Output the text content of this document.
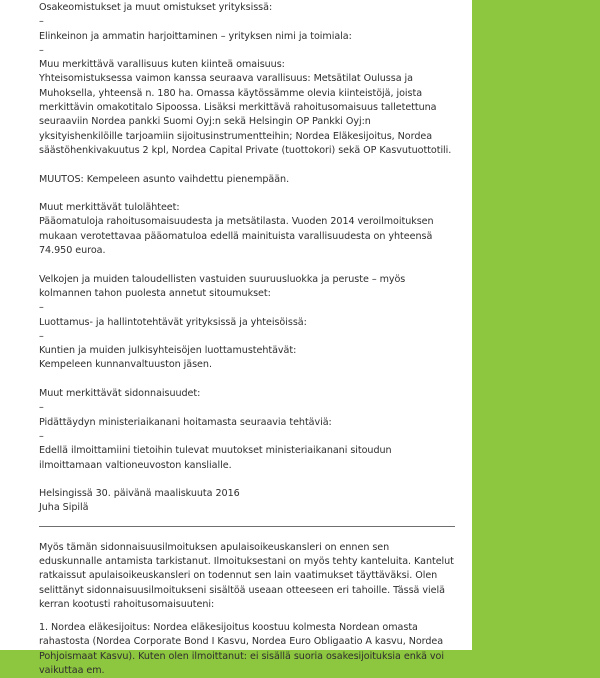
Osakeomistukset ja muut omistukset yrityksissä:

–

Elinkeinon ja ammatin harjoittaminen – yrityksen nimi ja toimiala:

–

Muu merkittävä varallisuus kuten kiinteä omaisuus:

Yhteisomistuksessa vaimon kanssa seuraava varallisuus: Metsätilat Oulussa ja Muhoksella, yhteensä n. 180 ha. Omassa käytössämme olevia kiinteistöjä, joista merkittävin omakotitalo Sipoossa. Lisäksi merkittävä rahoitusomaisuus talletettuna seuraaviin Nordea pankki Suomi Oyj:n sekä Helsingin OP Pankki Oyj:n yksityishenkilöille tarjoamiin sijoitusinstrumentteihin; Nordea Eläkesijoitus, Nordea säästöhenkivakuutus 2 kpl, Nordea Capital Private (tuottokori) sekä OP Kasvutuottotili.

MUUTOS: Kempeleen asunto vaihdettu pienempään.

Muut merkittävät tulolähteet:

Pääomatuloja rahoitusomaisuudesta ja metsätilasta. Vuoden 2014 veroilmoituksen mukaan verotettavaa pääomatuloa edellä mainituista varallisuudesta on yhteensä 74.950 euroa.

Velkojen ja muiden taloudellisten vastuiden suuruusluokka ja peruste – myös kolmannen tahon puolesta annetut sitoumukset:

–

Luottamus- ja hallintotehtävät yrityksissä ja yhteisöissä:

–

Kuntien ja muiden julkisyhteisöjen luottamustehtävät:

Kempeleen kunnanvaltuuston jäsen.

Muut merkittävät sidonnaisuudet:

–

Pidättäydyn ministeriaikanani hoitamasta seuraavia tehtäviä:

–

Edellä ilmoittamiini tietoihin tulevat muutokset ministeriaikanani sitoudun ilmoittamaan valtioneuvoston kanslialle.

Helsingissä 30. päivänä maaliskuuta 2016

Juha Sipilä

Myös tämän sidonnaisuusilmoituksen apulaisoikeuskansleri on ennen sen eduskunnalle antamista tarkistanut. Ilmoituksestani on myös tehty kanteluita. Kantelut ratkaissut apulaisoikeuskansleri on todennut sen lain vaatimukset täyttäväksi. Olen selittänyt sidonnaisuusilmoitukseni sisältöä useaan otteeseen eri tahoille. Tässä vielä kerran kootusti rahoitusomaisuuteni:

1. Nordea eläkesijoitus: Nordea eläkesijoitus koostuu kolmesta Nordean omasta rahastosta (Nordea Corporate Bond I Kasvu, Nordea Euro Obligaatio A kasvu, Nordea Pohjoismaat Kasvu). Kuten olen ilmoittanut: ei sisällä suoria osakesijoituksia enkä voi vaikuttaa em.
